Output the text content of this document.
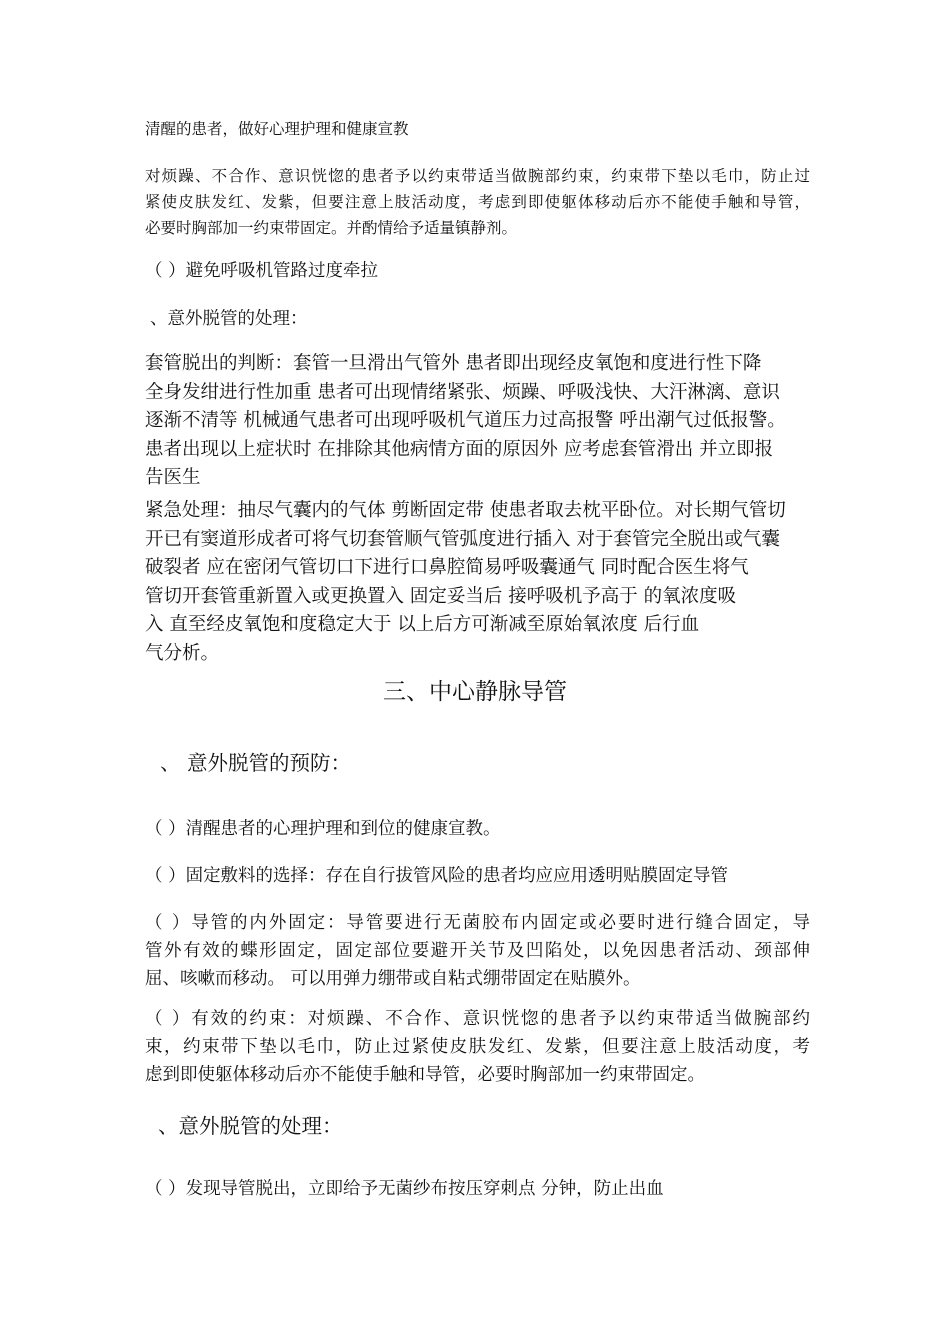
清醒的患者，做好心理护理和健康宣教

对烦躁、不合作、意识恍惚的患者予以约束带适当做腕部约束，约束带下垫以毛巾，防止过
紧使皮肤发红、发紫，但要注意上肢活动度，考虑到即使躯体移动后亦不能使手触和导管，
必要时胸部加一约束带固定。并酌情给予适量镇静剂。

（ ）避免呼吸机管路过度牵拉

、意外脱管的处理：

套管脱出的判断：套管一旦滑出气管外 患者即出现经皮氧饱和度进行性下降
全身发绀进行性加重 患者可出现情绪紧张、烦躁、呼吸浅快、大汗淋漓、意识
逐渐不清等 机械通气患者可出现呼吸机气道压力过高报警 呼出潮气过低报警。
患者出现以上症状时 在排除其他病情方面的原因外 应考虑套管滑出 并立即报
告医生

紧急处理：抽尽气囊内的气体 剪断固定带 使患者取去枕平卧位。对长期气管切
开已有窦道形成者可将气切套管顺气管弧度进行插入 对于套管完全脱出或气囊
破裂者 应在密闭气管切口下进行口鼻腔简易呼吸囊通气 同时配合医生将气
管切开套管重新置入或更换置入 固定妥当后 接呼吸机予高于 的氧浓度吸
入 直至经皮氧饱和度稳定大于 以上后方可渐减至原始氧浓度 后行血
气分析。

三、中心静脉导管
、 意外脱管的预防：

（ ）清醒患者的心理护理和到位的健康宣教。

（ ）固定敷料的选择：存在自行拔管风险的患者均应应用透明贴膜固定导管

（ ）导管的内外固定：导管要进行无菌胶布内固定或必要时进行缝合固定，导
管外有效的蝶形固定，固定部位要避开关节及凹陷处，以免因患者活动、颈部伸
屈、咳嗽而移动。 可以用弹力绷带或自粘式绷带固定在贴膜外。

（ ）有效的约束：对烦躁、不合作、意识恍惚的患者予以约束带适当做腕部约
束，约束带下垫以毛巾，防止过紧使皮肤发红、发紫，但要注意上肢活动度，考
虑到即使躯体移动后亦不能使手触和导管，必要时胸部加一约束带固定。

、意外脱管的处理：

（ ）发现导管脱出，立即给予无菌纱布按压穿刺点 分钟，防止出血
